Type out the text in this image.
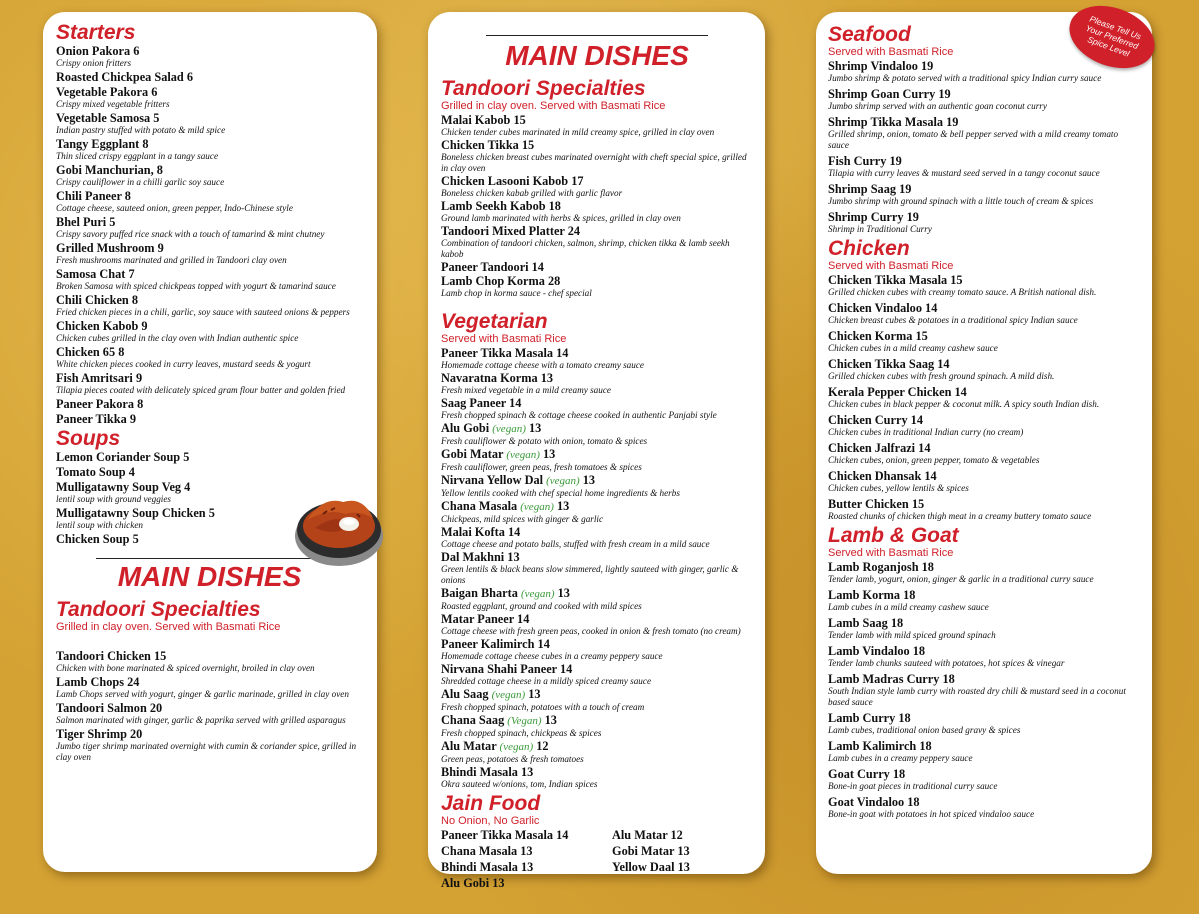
Starters
Onion Pakora 6
Crispy onion fritters
Roasted Chickpea Salad 6
Vegetable Pakora 6
Crispy mixed vegetable fritters
Vegetable Samosa 5
Indian pastry stuffed with potato & mild spice
Tangy Eggplant 8
Thin sliced crispy eggplant in a tangy sauce
Gobi Manchurian, 8
Crispy cauliflower in a chilli garlic soy sauce
Chili Paneer 8
Cottage cheese, sauteed onion, green pepper, Indo-Chinese style
Bhel Puri 5
Crispy savory puffed rice snack with a touch of tamarind & mint chutney
Grilled Mushroom 9
Fresh mushrooms marinated and grilled in Tandoori clay oven
Samosa Chat 7
Broken Samosa with spiced chickpeas topped with yogurt & tamarind sauce
Chili Chicken 8
Fried chicken pieces in a chili, garlic, soy sauce with sauteed onions & peppers
Chicken Kabob 9
Chicken cubes grilled in the clay oven with Indian authentic spice
Chicken 65 8
White chicken pieces cooked in curry leaves, mustard seeds & yogurt
Fish Amritsari 9
Tilapia pieces coated with delicately spiced gram flour batter and golden fried
Paneer Pakora 8
Paneer Tikka 9
Soups
Lemon Coriander Soup 5
Tomato Soup 4
Mulligatawny Soup Veg 4
lentil soup with ground veggies
Mulligatawny Soup Chicken 5
lentil soup with chicken
Chicken Soup 5
MAIN DISHES
Tandoori Specialties
Grilled in clay oven. Served with Basmati Rice
Tandoori Chicken 15
Chicken with bone marinated & spiced overnight, broiled in clay oven
Lamb Chops 24
Lamb Chops served with yogurt, ginger & garlic marinade, grilled in clay oven
Tandoori Salmon 20
Salmon marinated with ginger, garlic & paprika served with grilled asparagus
Tiger Shrimp 20
Jumbo tiger shrimp marinated overnight with cumin & coriander spice, grilled in clay oven
MAIN DISHES
Tandoori Specialties
Grilled in clay oven. Served with Basmati Rice
Malai Kabob 15
Chicken tender cubes marinated in mild creamy spice, grilled in clay oven
Chicken Tikka 15
Boneless chicken breast cubes marinated overnight with cheft special spice, grilled in clay oven
Chicken Lasooni Kabob 17
Boneless chicken kabab grilled with garlic flavor
Lamb Seekh Kabob 18
Ground lamb marinated with herbs & spices, grilled in clay oven
Tandoori Mixed Platter 24
Combination of tandoori chicken, salmon, shrimp, chicken tikka & lamb seekh kabob
Paneer Tandoori 14
Lamb Chop Korma 28
Lamb chop in korma sauce - chef special
Vegetarian
Served with Basmati Rice
Paneer Tikka Masala 14
Homemade cottage cheese with a tomato creamy sauce
Navaratna Korma 13
Fresh mixed vegetable in a mild creamy sauce
Saag Paneer 14
Fresh chopped spinach & cottage cheese cooked in authentic Panjabi style
Alu Gobi (vegan) 13
Fresh cauliflower & potato with onion, tomato & spices
Gobi Matar (vegan) 13
Fresh cauliflower, green peas, fresh tomatoes & spices
Nirvana Yellow Dal (vegan) 13
Yellow lentils cooked with chef special home ingredients & herbs
Chana Masala (vegan) 13
Chickpeas, mild spices with ginger & garlic
Malai Kofta 14
Cottage cheese and potato balls, stuffed with fresh cream in a mild sauce
Dal Makhni 13
Green lentils & black beans slow simmered, lightly sauteed with ginger, garlic & onions
Baigan Bharta (vegan) 13
Roasted eggplant, ground and cooked with mild spices
Matar Paneer 14
Cottage cheese with fresh green peas, cooked in onion & fresh tomato (no cream)
Paneer Kalimirch 14
Homemade cottage cheese cubes in a creamy peppery sauce
Nirvana Shahi Paneer 14
Shredded cottage cheese in a mildly spiced creamy sauce
Alu Saag (vegan) 13
Fresh chopped spinach, potatoes with a touch of cream
Chana Saag (Vegan) 13
Fresh chopped spinach, chickpeas & spices
Alu Matar (vegan) 12
Green peas, potatoes & fresh tomatoes
Bhindi Masala 13
Okra sauteed w/onions, tom, Indian spices
Jain Food
No Onion, No Garlic
Paneer Tikka Masala 14	Alu Matar 12
Chana Masala 13	Gobi Matar 13
Bhindi Masala 13	Yellow Daal 13
Alu Gobi 13
Seafood
Served with Basmati Rice
Shrimp Vindaloo 19
Jumbo shrimp & potato served with a traditional spicy Indian curry sauce
Shrimp Goan Curry 19
Jumbo shrimp served with an authentic goan coconut curry
Shrimp Tikka Masala 19
Grilled shrimp, onion, tomato & bell pepper served with a mild creamy tomato sauce
Fish Curry 19
Tilapia with curry leaves & mustard seed served in a tangy coconut sauce
Shrimp Saag 19
Jumbo shrimp with ground spinach with a little touch of cream & spices
Shrimp Curry 19
Shrimp in Traditional Curry
Chicken
Served with Basmati Rice
Chicken Tikka Masala 15
Grilled chicken cubes with creamy tomato sauce. A British national dish.
Chicken Vindaloo 14
Chicken breast cubes & potatoes in a traditional spicy Indian sauce
Chicken Korma 15
Chicken cubes in a mild creamy cashew sauce
Chicken Tikka Saag 14
Grilled chicken cubes with fresh ground spinach. A mild dish.
Kerala Pepper Chicken 14
Chicken cubes in black pepper & coconut milk. A spicy south Indian dish.
Chicken Curry 14
Chicken cubes in traditional Indian curry (no cream)
Chicken Jalfrazi 14
Chicken cubes, onion, green pepper, tomato & vegetables
Chicken Dhansak 14
Chicken cubes, yellow lentils & spices
Butter Chicken 15
Roasted chunks of chicken thigh meat in a creamy buttery tomato sauce
Lamb & Goat
Served with Basmati Rice
Lamb Roganjosh 18
Tender lamb, yogurt, onion, ginger & garlic in a traditional curry sauce
Lamb Korma 18
Lamb cubes in a mild creamy cashew sauce
Lamb Saag 18
Tender lamb with mild spiced ground spinach
Lamb Vindaloo 18
Tender lamb chunks sauteed with potatoes, hot spices & vinegar
Lamb Madras Curry 18
South Indian style lamb curry with roasted dry chili & mustard seed in a coconut based sauce
Lamb Curry 18
Lamb cubes, traditional onion based gravy & spices
Lamb Kalimirch 18
Lamb cubes in a creamy peppery sauce
Goat Curry 18
Bone-in goat pieces in traditional curry sauce
Goat Vindaloo 18
Bone-in goat with potatoes in hot spiced vindaloo sauce
Please Tell Us Your Preferred Spice Level
